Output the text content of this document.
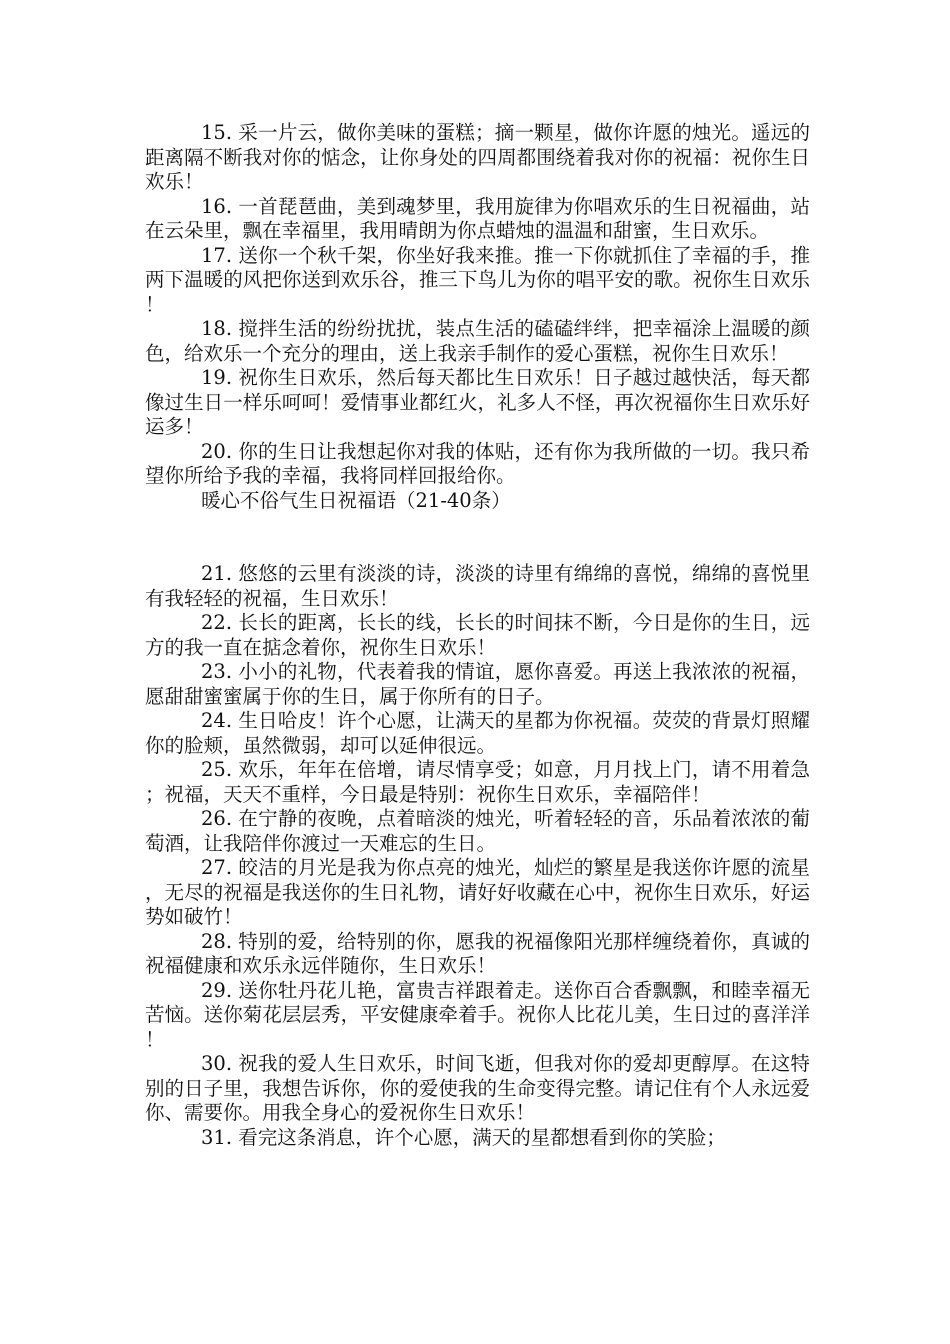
15. 采一片云，做你美味的蛋糕；摘一颗星，做你许愿的烛光。遥远的距离隔不断我对你的惦念，让你身处的四周都围绕着我对你的祝福：祝你生日欢乐！

16. 一首琵琶曲，美到魂梦里，我用旋律为你唱欢乐的生日祝福曲，站在云朵里，飘在幸福里，我用晴朗为你点蜡烛的温温和甜蜜，生日欢乐。

17. 送你一个秋千架，你坐好我来推。推一下你就抓住了幸福的手，推两下温暖的风把你送到欢乐谷，推三下鸟儿为你的唱平安的歌。祝你生日欢乐！

18. 搅拌生活的纷纷扰扰，装点生活的磕磕绊绊，把幸福涂上温暖的颜色，给欢乐一个充分的理由，送上我亲手制作的爱心蛋糕，祝你生日欢乐！

19. 祝你生日欢乐，然后每天都比生日欢乐！日子越过越快活，每天都像过生日一样乐呵呵！爱情事业都红火，礼多人不怪，再次祝福你生日欢乐好运多！

20. 你的生日让我想起你对我的体贴，还有你为我所做的一切。我只希望你所给予我的幸福，我将同样回报给你。

暖心不俗气生日祝福语（21-40条）

21. 悠悠的云里有淡淡的诗，淡淡的诗里有绵绵的喜悦，绵绵的喜悦里有我轻轻的祝福，生日欢乐！

22. 长长的距离，长长的线，长长的时间抹不断，今日是你的生日，远方的我一直在掂念着你，祝你生日欢乐！

23. 小小的礼物，代表着我的情谊，愿你喜爱。再送上我浓浓的祝福，愿甜甜蜜蜜属于你的生日，属于你所有的日子。

24. 生日哈皮！许个心愿，让满天的星都为你祝福。荧荧的背景灯照耀你的脸颊，虽然微弱，却可以延伸很远。

25. 欢乐，年年在倍增，请尽情享受；如意，月月找上门，请不用着急；祝福，天天不重样，今日最是特别：祝你生日欢乐，幸福陪伴！

26. 在宁静的夜晚，点着暗淡的烛光，听着轻轻的音，乐品着浓浓的葡萄酒，让我陪伴你渡过一天难忘的生日。

27. 皎洁的月光是我为你点亮的烛光，灿烂的繁星是我送你许愿的流星，无尽的祝福是我送你的生日礼物，请好好收藏在心中，祝你生日欢乐，好运势如破竹！

28. 特别的爱，给特别的你，愿我的祝福像阳光那样缠绕着你，真诚的祝福健康和欢乐永远伴随你，生日欢乐！

29. 送你牡丹花儿艳，富贵吉祥跟着走。送你百合香飘飘，和睦幸福无苦恼。送你菊花层层秀，平安健康牵着手。祝你人比花儿美，生日过的喜洋洋！

30. 祝我的爱人生日欢乐，时间飞逝，但我对你的爱却更醇厚。在这特别的日子里，我想告诉你，你的爱使我的生命变得完整。请记住有个人永远爱你、需要你。用我全身心的爱祝你生日欢乐！

31. 看完这条消息，许个心愿，满天的星都想看到你的笑脸；
